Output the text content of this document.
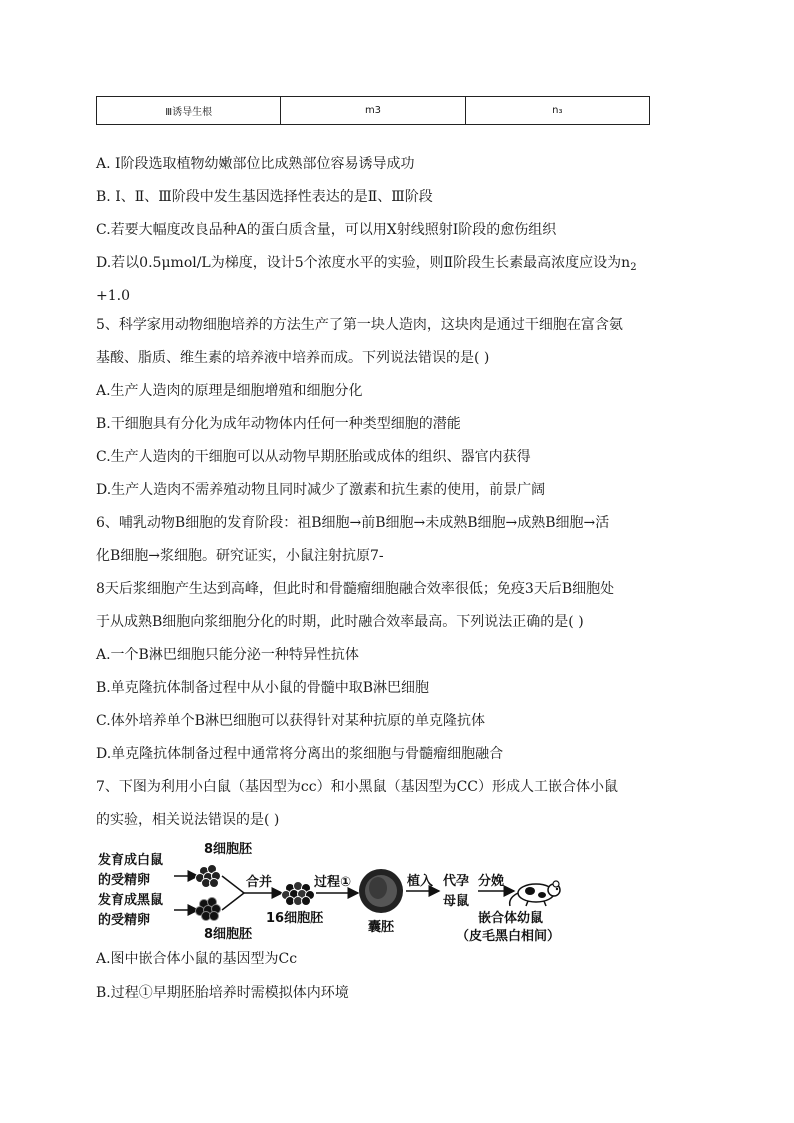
Ⅲ诱导生根	m3	n₃
A. Ⅰ阶段选取植物幼嫩部位比成熟部位容易诱导成功
B. Ⅰ、Ⅱ、Ⅲ阶段中发生基因选择性表达的是Ⅱ、Ⅲ阶段
C.若要大幅度改良品种A的蛋白质含量，可以用X射线照射Ⅰ阶段的愈伤组织
D.若以0.5μmol/L为梯度，设计5个浓度水平的实验，则Ⅱ阶段生长素最高浓度应设为$n_2$
+1.0
5、科学家用动物细胞培养的方法生产了第一块人造肉，这块肉是通过干细胞在富含氨
基酸、脂质、维生素的培养液中培养而成。下列说法错误的是( )
A.生产人造肉的原理是细胞增殖和细胞分化
B.干细胞具有分化为成年动物体内任何一种类型细胞的潜能
C.生产人造肉的干细胞可以从动物早期胚胎或成体的组织、器官内获得
D.生产人造肉不需养殖动物且同时减少了激素和抗生素的使用，前景广阔
6、哺乳动物B细胞的发育阶段：祖B细胞→前B细胞→未成熟B细胞→成熟B细胞→活
化B细胞→浆细胞。研究证实，小鼠注射抗原7-
8天后浆细胞产生达到高峰，但此时和骨髓瘤细胞融合效率很低；免疫3天后B细胞处
于从成熟B细胞向浆细胞分化的时期，此时融合效率最高。下列说法正确的是( )
A.一个B淋巴细胞只能分泌一种特异性抗体
B.单克隆抗体制备过程中从小鼠的骨髓中取B淋巴细胞
C.体外培养单个B淋巴细胞可以获得针对某种抗原的单克隆抗体
D.单克隆抗体制备过程中通常将分离出的浆细胞与骨髓瘤细胞融合
7、下图为利用小白鼠（基因型为cc）和小黑鼠（基因型为CC）形成人工嵌合体小鼠
的实验，相关说法错误的是( )
发育成白鼠
的受精卵
发育成黑鼠
的受精卵
8细胞胚
8细胞胚
合并
16细胞胚
过程①
囊胚
植入 代孕
母鼠
分娩
嵌合体幼鼠
（皮毛黑白相间）
A.图中嵌合体小鼠的基因型为Cc
B.过程①早期胚胎培养时需模拟体内环境
